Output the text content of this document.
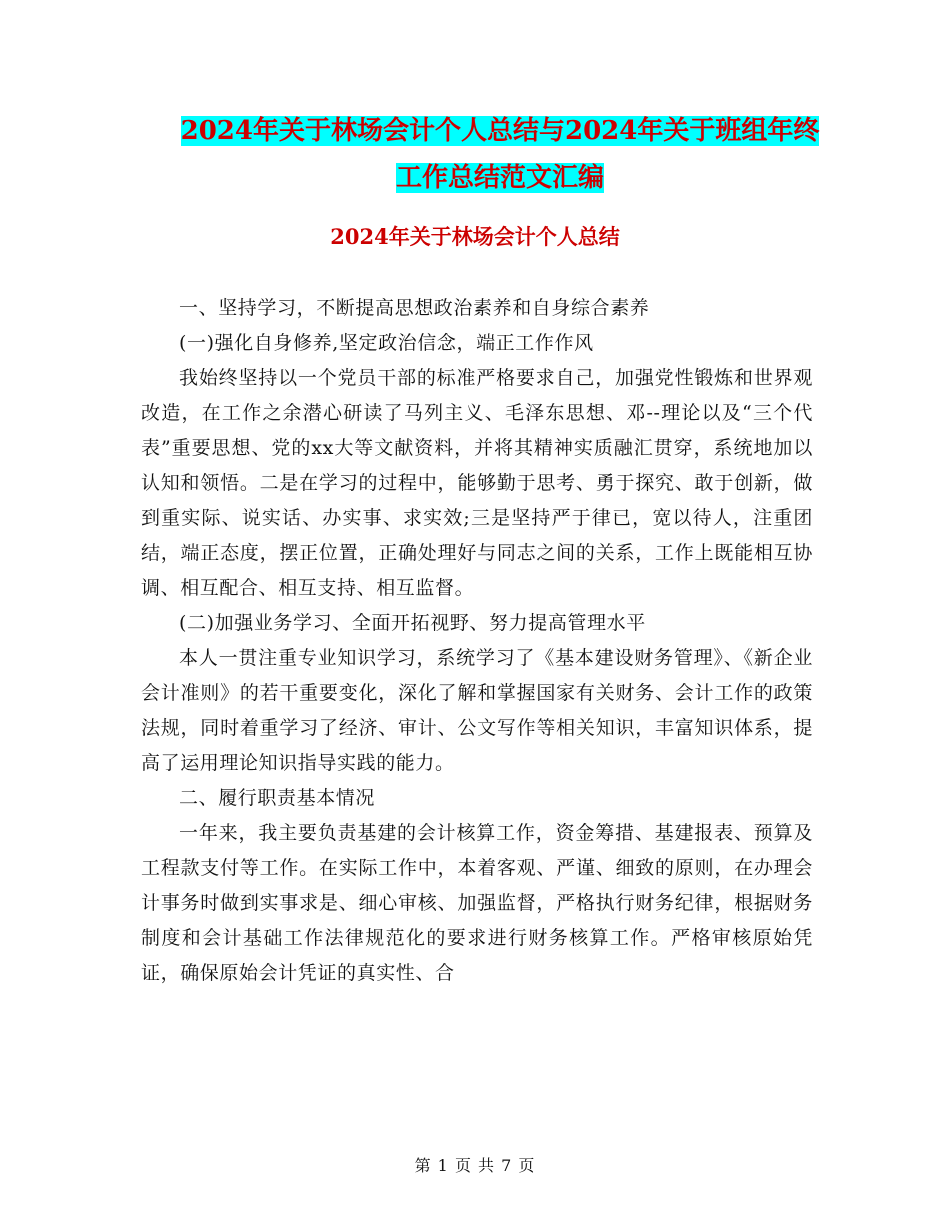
2024年关于林场会计个人总结与2024年关于班组年终
工作总结范文汇编
2024年关于林场会计个人总结

一、坚持学习，不断提高思想政治素养和自身综合素养

(一)强化自身修养,坚定政治信念，端正工作作风

我始终坚持以一个党员干部的标准严格要求自己，加强党性锻炼和世界观改造，在工作之余潜心研读了马列主义、毛泽东思想、邓--理论以及“三个代表”重要思想、党的xx大等文献资料，并将其精神实质融汇贯穿，系统地加以认知和领悟。二是在学习的过程中，能够勤于思考、勇于探究、敢于创新，做到重实际、说实话、办实事、求实效;三是坚持严于律已，宽以待人，注重团结，端正态度，摆正位置，正确处理好与同志之间的关系，工作上既能相互协调、相互配合、相互支持、相互监督。

(二)加强业务学习、全面开拓视野、努力提高管理水平

本人一贯注重专业知识学习，系统学习了《基本建设财务管理》、《新企业会计准则》的若干重要变化，深化了解和掌握国家有关财务、会计工作的政策法规，同时着重学习了经济、审计、公文写作等相关知识，丰富知识体系，提高了运用理论知识指导实践的能力。

二、履行职责基本情况

一年来，我主要负责基建的会计核算工作，资金筹措、基建报表、预算及工程款支付等工作。在实际工作中，本着客观、严谨、细致的原则，在办理会计事务时做到实事求是、细心审核、加强监督，严格执行财务纪律，根据财务制度和会计基础工作法律规范化的要求进行财务核算工作。严格审核原始凭证，确保原始会计凭证的真实性、合

第 1 页 共 7 页
